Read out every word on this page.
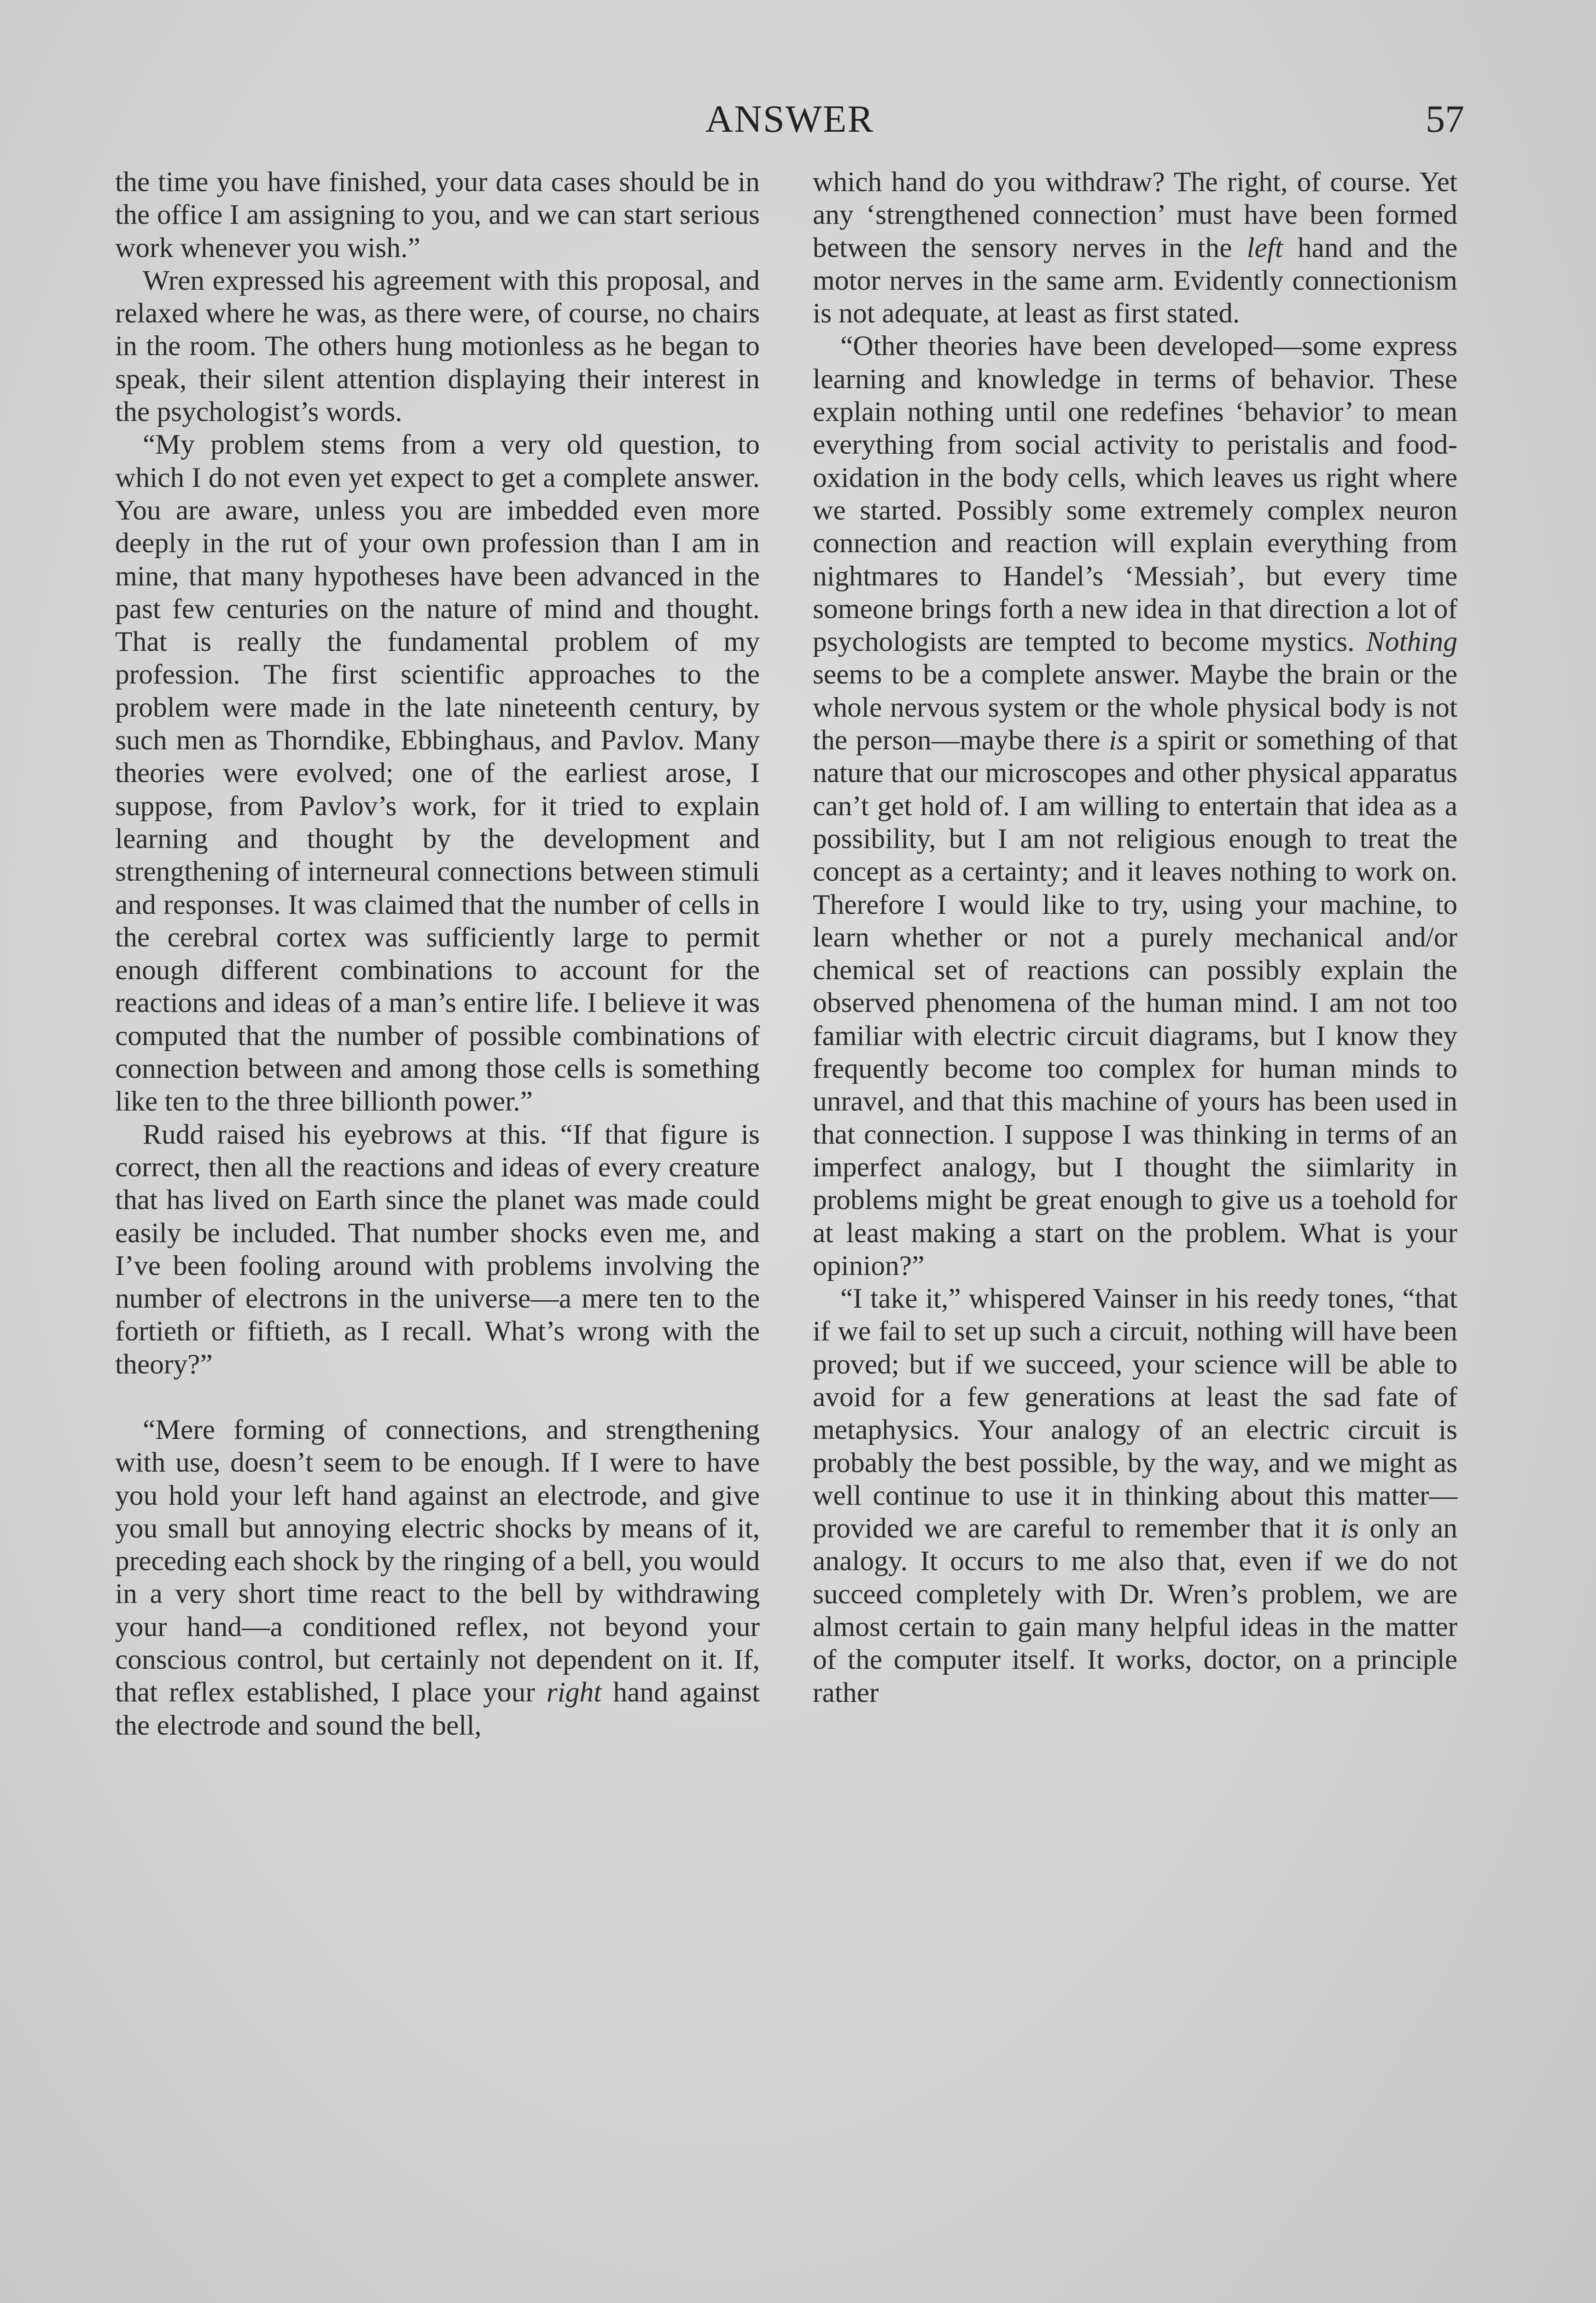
ANSWER	57

the time you have finished, your data cases should be in the office I am assigning to you, and we can start serious work whenever you wish.”

Wren expressed his agreement with this proposal, and relaxed where he was, as there were, of course, no chairs in the room. The others hung motionless as he began to speak, their silent attention displaying their interest in the psychologist’s words.

“My problem stems from a very old question, to which I do not even yet expect to get a complete answer. You are aware, unless you are imbedded even more deeply in the rut of your own profession than I am in mine, that many hypotheses have been advanced in the past few centuries on the nature of mind and thought. That is really the fundamental problem of my profession. The first scientific approaches to the problem were made in the late nineteenth century, by such men as Thorndike, Ebbinghaus, and Pavlov. Many theories were evolved; one of the earliest arose, I suppose, from Pavlov’s work, for it tried to explain learning and thought by the development and strengthening of interneural connections between stimuli and responses. It was claimed that the number of cells in the cerebral cortex was sufficiently large to permit enough different combinations to account for the reactions and ideas of a man’s entire life. I believe it was computed that the number of possible combinations of connection between and among those cells is something like ten to the three billionth power.”

Rudd raised his eyebrows at this. “If that figure is correct, then all the reactions and ideas of every creature that has lived on Earth since the planet was made could easily be included. That number shocks even me, and I’ve been fooling around with problems involving the number of electrons in the universe—a mere ten to the fortieth or fiftieth, as I recall. What’s wrong with the theory?”

“Mere forming of connections, and strengthening with use, doesn’t seem to be enough. If I were to have you hold your left hand against an electrode, and give you small but annoying electric shocks by means of it, preceding each shock by the ringing of a bell, you would in a very short time react to the bell by withdrawing your hand—a conditioned reflex, not beyond your conscious control, but certainly not dependent on it. If, that reflex established, I place your right hand against the electrode and sound the bell,

which hand do you withdraw? The right, of course. Yet any ‘strengthened connection’ must have been formed between the sensory nerves in the left hand and the motor nerves in the same arm. Evidently connectionism is not adequate, at least as first stated.

“Other theories have been developed—some express learning and knowledge in terms of behavior. These explain nothing until one redefines ‘behavior’ to mean everything from social activity to peristalis and food-oxidation in the body cells, which leaves us right where we started. Possibly some extremely complex neuron connection and reaction will explain everything from nightmares to Handel’s ‘Messiah’, but every time someone brings forth a new idea in that direction a lot of psychologists are tempted to become mystics. Nothing seems to be a complete answer. Maybe the brain or the whole nervous system or the whole physical body is not the person—maybe there is a spirit or something of that nature that our microscopes and other physical apparatus can’t get hold of. I am willing to entertain that idea as a possibility, but I am not religious enough to treat the concept as a certainty; and it leaves nothing to work on. Therefore I would like to try, using your machine, to learn whether or not a purely mechanical and/or chemical set of reactions can possibly explain the observed phenomena of the human mind. I am not too familiar with electric circuit diagrams, but I know they frequently become too complex for human minds to unravel, and that this machine of yours has been used in that connection. I suppose I was thinking in terms of an imperfect analogy, but I thought the siimlarity in problems might be great enough to give us a toehold for at least making a start on the problem. What is your opinion?”

“I take it,” whispered Vainser in his reedy tones, “that if we fail to set up such a circuit, nothing will have been proved; but if we succeed, your science will be able to avoid for a few generations at least the sad fate of metaphysics. Your analogy of an electric circuit is probably the best possible, by the way, and we might as well continue to use it in thinking about this matter—provided we are careful to remember that it is only an analogy. It occurs to me also that, even if we do not succeed completely with Dr. Wren’s problem, we are almost certain to gain many helpful ideas in the matter of the computer itself. It works, doctor, on a principle rather
